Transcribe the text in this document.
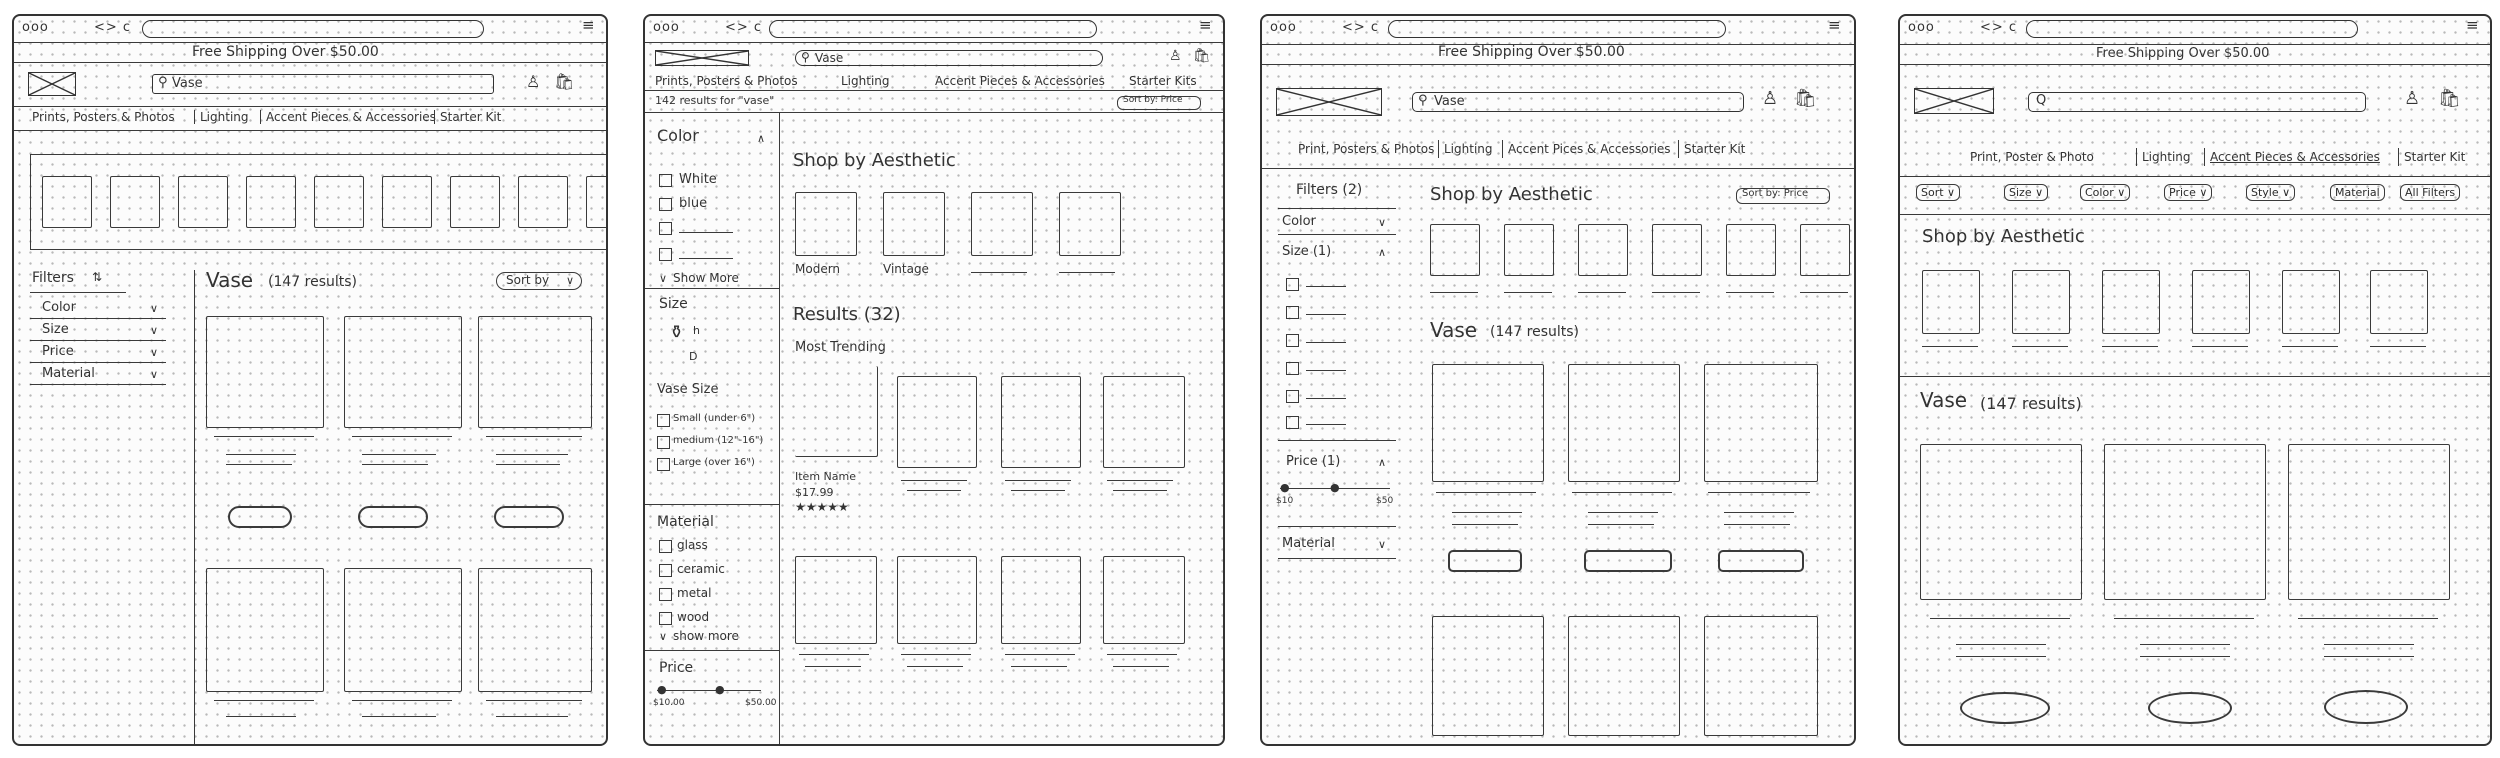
ooo	<> c	≡
Free Shipping Over $50.00
⚲ Vase	♙ 🛍
Prints, Posters & Photos Lighting Accent Pieces & Accessories Starter Kit
Filters ⇅
Color	∨
Size	∨
Price	∨
Material	∨
Vase (147 results)	Sort by ∨
ooo	<> c	≡
⚲ Vase	♙ 🛍
Prints, Posters & Photos	Lighting	Accent Pieces & Accessories Starter Kits
142 results for "vase"	Sort by: Price
Color	∧
White
blue
∨ Show More
Size
⚱ h
D
Vase Size
Small (under 6")
medium (12"-16")
Large (over 16")
Material
glass
ceramic
metal
wood
∨ show more
Price
●	●
$10.00	$50.00
Shop by Aesthetic
Modern	Vintage
Results (32)
Most Trending
Item Name
$17.99
★★★★★
ooo	<> c	≡
Free Shipping Over $50.00
⚲ Vase	♙ 🛍
Print, Posters & Photos Lighting Accent Pices & Accessories Starter Kit
Filters (2)
Color	∨
Size (1)	∧
Price (1)	∧
●	●
$10	$50
Material	∨
Shop by Aesthetic	Sort by: Price
Vase (147 results)
ooo	<> c	≡
Free Shipping Over $50.00
Q	♙ 🛍
Print, Poster & Photo	Lighting Accent Pieces & Accessories Starter Kit
Sort ∨	Size ∨	Color ∨	Price ∨	Style ∨	Material	All Filters
Shop by Aesthetic
Vase (147 results)
